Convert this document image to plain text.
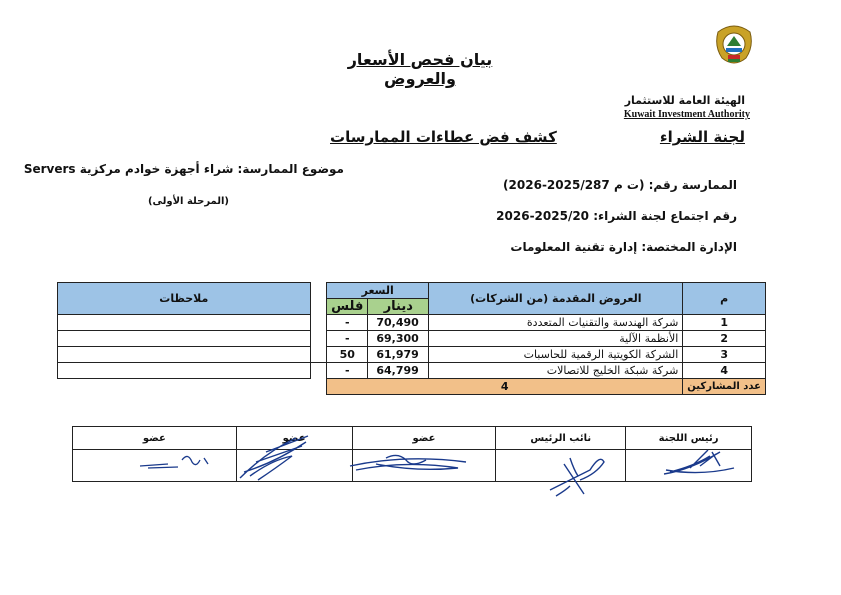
بيان فحص الأسعار والعروض
الهيئة العامة للاستثمار
Kuwait Investment Authority
لجنة الشراء
كشف فض عطاءات الممارسات
موضوع الممارسة: شراء أجهزة خوادم مركزية Servers
(المرحلة الأولى)
الممارسة رقم: (ت م 2025/287-2026)
رقم اجتماع لجنة الشراء: 2025/20-2026
الإدارة المختصة: إدارة تقنية المعلومات
ملاحظات		السعر		العروض المقدمة (من الشركات)	م
		فلس	دينار		
		-	70,490	شركة الهندسة والتقنيات المتعددة	1
		-	69,300	الأنظمة الآلية	2
		50	61,979	الشركة الكويتية الرقمية للحاسبات	3
		-	64,799	شركة شبكة الخليج للاتصالات	4
		4			عدد المشاركين
عضو	عضو	عضو	نائب الرئيس	رئيس اللجنة
